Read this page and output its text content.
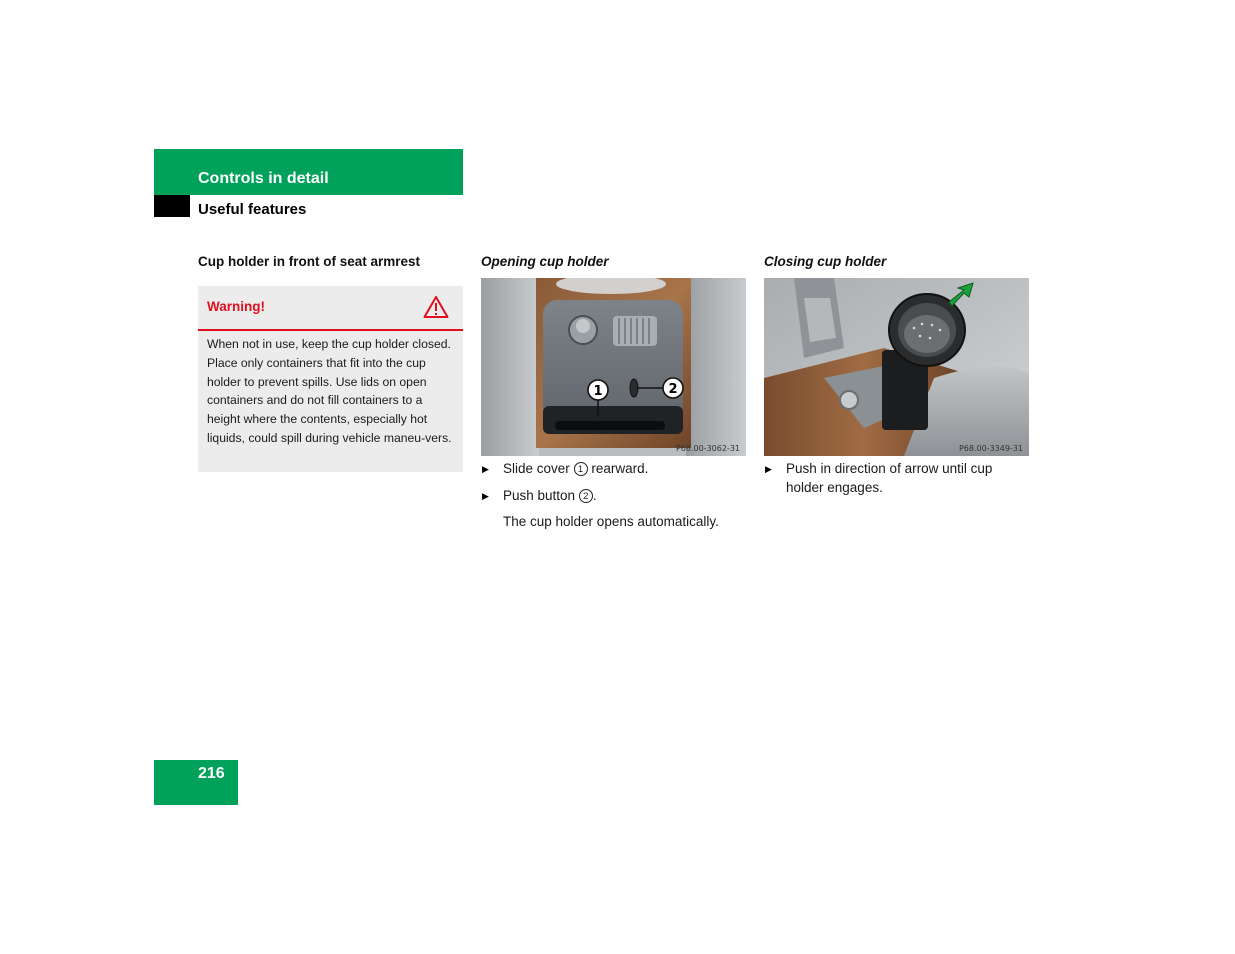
Controls in detail
Useful features
Cup holder in front of seat armrest
Warning!
When not in use, keep the cup holder closed. Place only containers that fit into the cup holder to prevent spills. Use lids on open containers and do not fill containers to a height where the contents, especially hot liquids, could spill during vehicle maneu-vers.
Opening cup holder
1	2
P68.00-3062-31
▶	Slide cover 1 rearward.
▶	Push button 2 .
The cup holder opens automatically.
Closing cup holder
P68.00-3349-31
▶	Push in direction of arrow until cup holder engages.
216
